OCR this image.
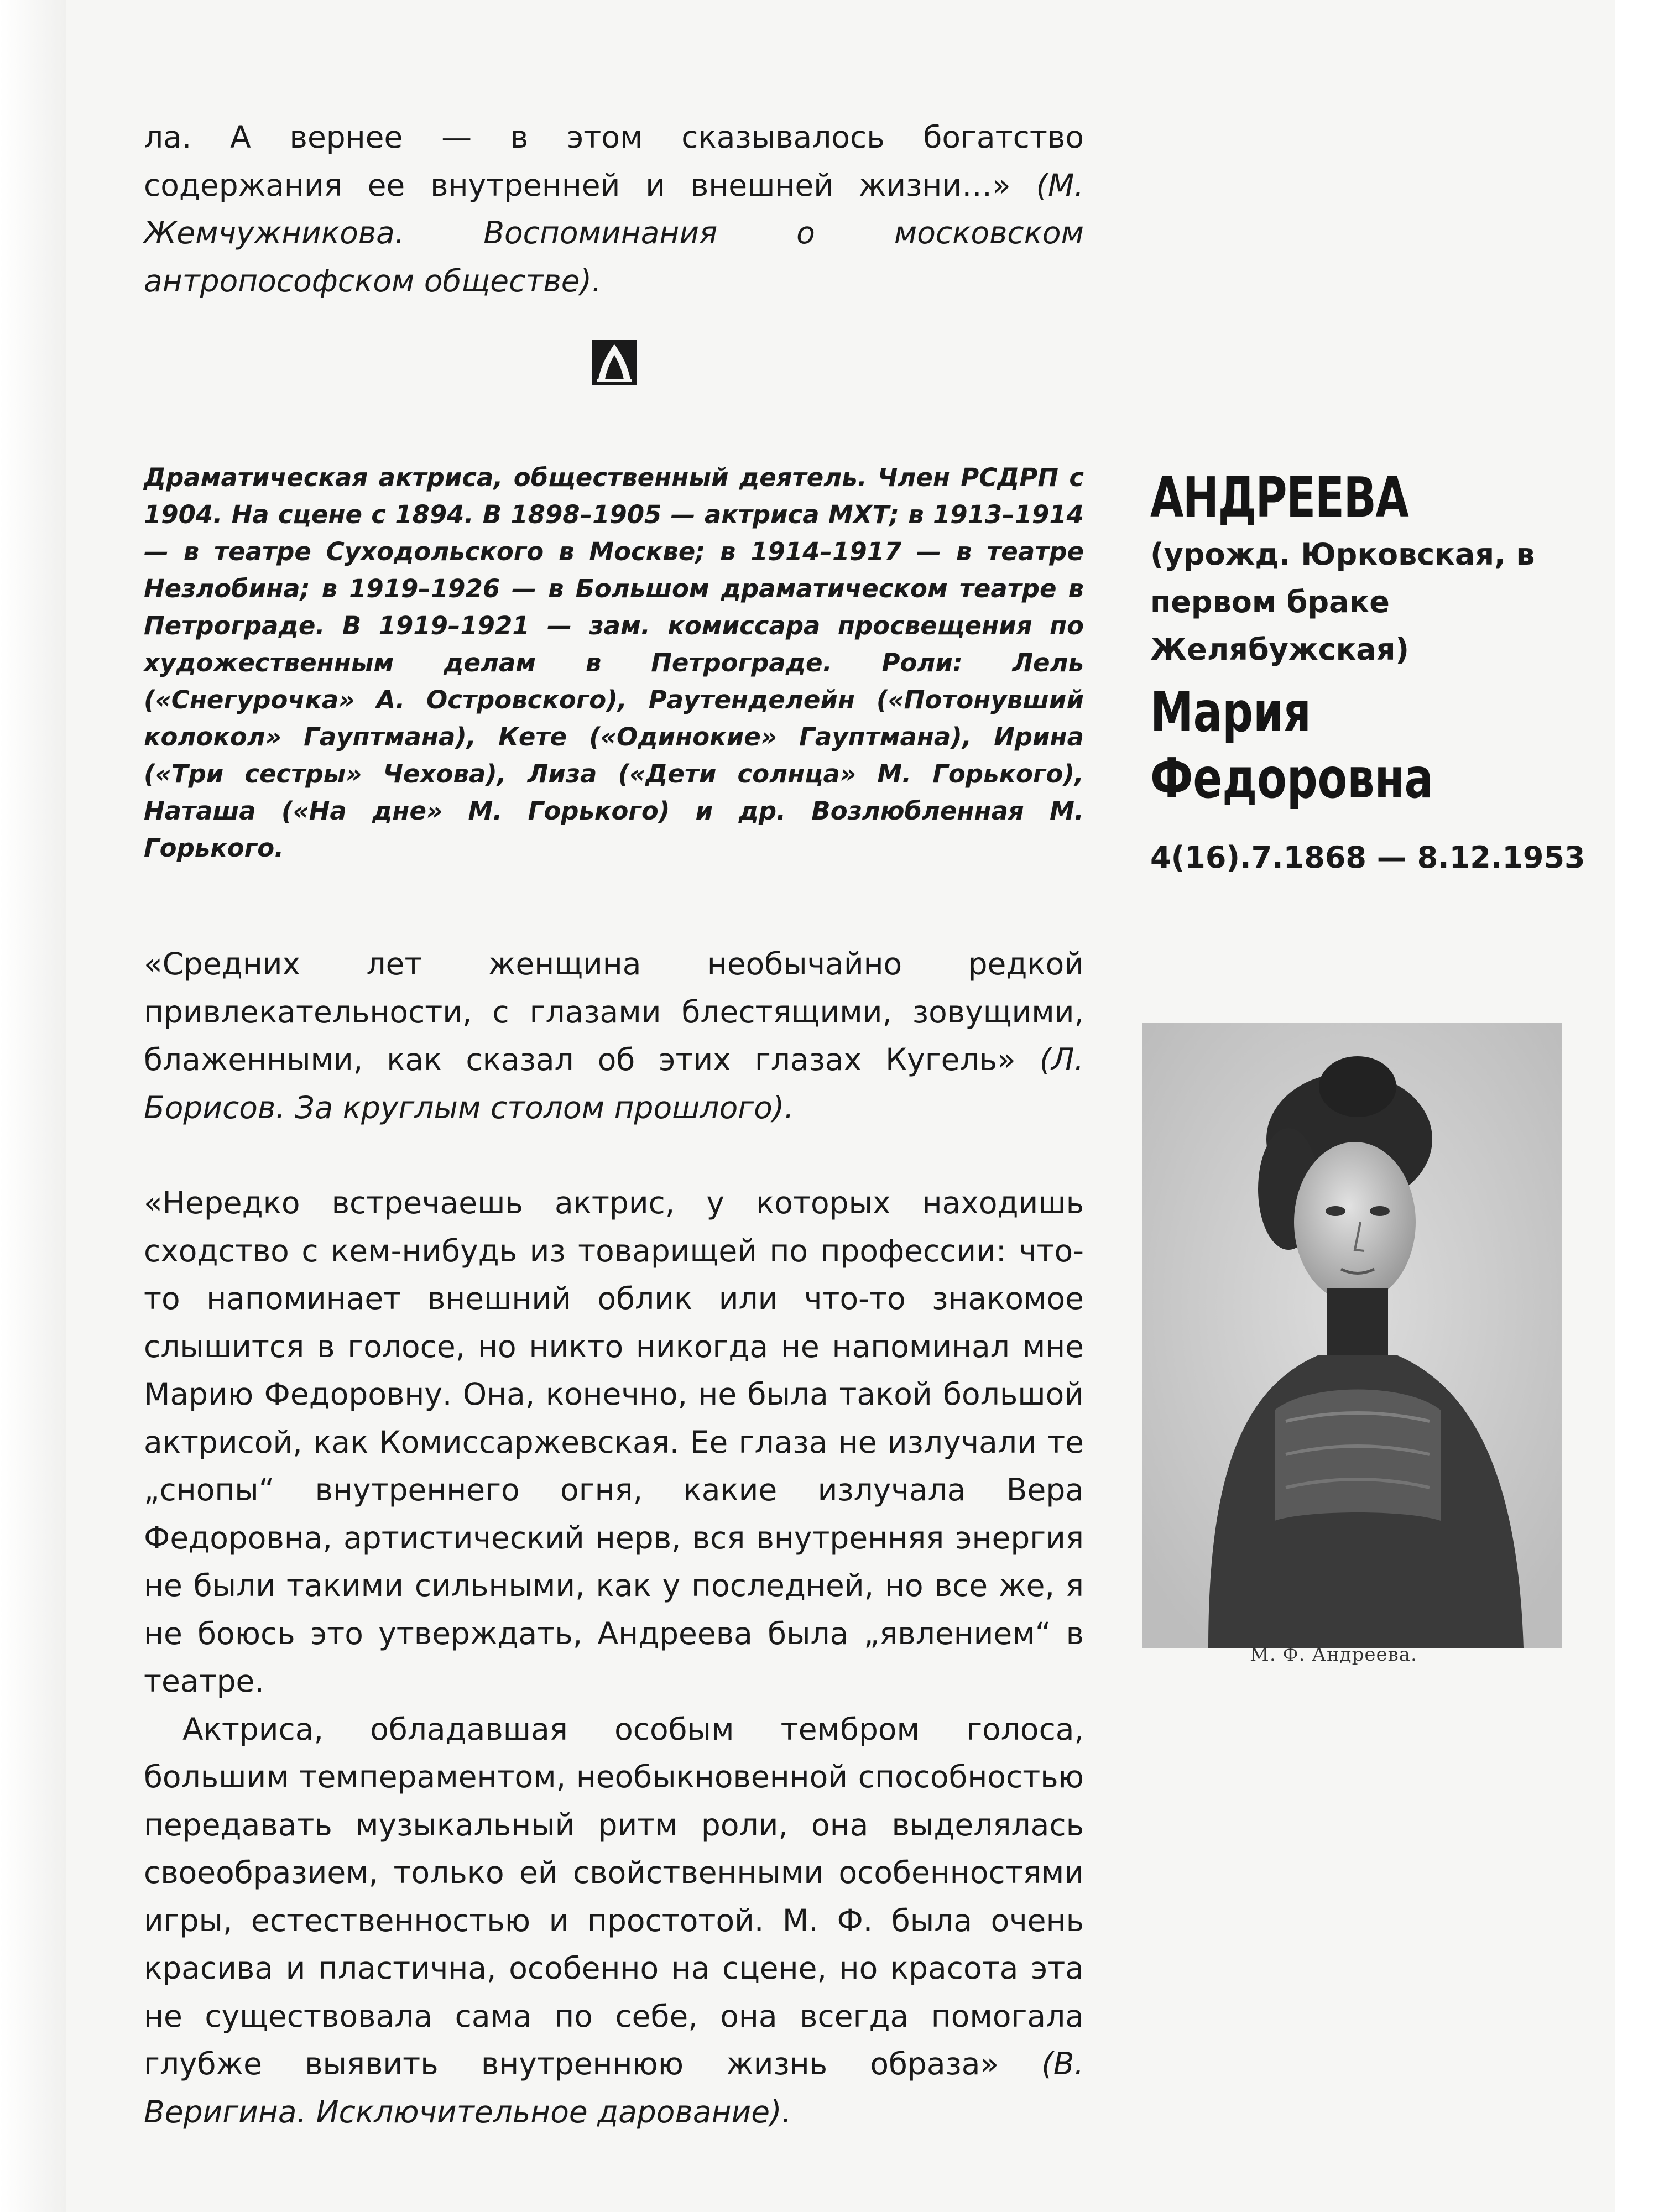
ла. А вернее — в этом сказывалось богатство содержания ее внутренней и внешней жизни…» (М. Жемчужникова. Воспоминания о московском антропософском обществе).

Драматическая актриса, общественный деятель. Член РСДРП с 1904. На сцене с 1894. В 1898–1905 — актриса МХТ; в 1913–1914 — в театре Суходольского в Москве; в 1914–1917 — в театре Незлобина; в 1919–1926 — в Большом драматическом театре в Петрограде. В 1919–1921 — зам. комиссара просвещения по художественным делам в Петрограде. Роли: Лель («Снегурочка» А. Островского), Раутенделейн («Потонувший колокол» Гауптмана), Кете («Одинокие» Гауптмана), Ирина («Три сестры» Чехова), Лиза («Дети солнца» М. Горького), Наташа («На дне» М. Горького) и др. Возлюбленная М. Горького.

«Средних лет женщина необычайно редкой привлекательности, с глазами блестящими, зовущими, блаженными, как сказал об этих глазах Кугель» (Л. Борисов. За круглым столом прошлого).

«Нередко встречаешь актрис, у которых находишь сходство с кем-нибудь из товарищей по профессии: что-то напоминает внешний облик или что-то знакомое слышится в голосе, но никто никогда не напоминал мне Марию Федоровну. Она, конечно, не была такой большой актрисой, как Комиссаржевская. Ее глаза не излучали те „снопы“ внутреннего огня, какие излучала Вера Федоровна, артистический нерв, вся внутренняя энергия не были такими сильными, как у последней, но все же, я не боюсь это утверждать, Андреева была „явлением“ в театре.

Актриса, обладавшая особым тембром голоса, большим темпераментом, необыкновенной способностью передавать музыкальный ритм роли, она выделялась своеобразием, только ей свойственными особенностями игры, естественностью и простотой. М. Ф. была очень красива и пластична, особенно на сцене, но красота эта не существовала сама по себе, она всегда помогала глубже выявить внутреннюю жизнь образа» (В. Веригина. Исключительное дарование).

АНДРЕЕВА

(урожд. Юрковская, в первом браке Желябужская)

Мария

Федоровна

4(16).7.1868 — 8.12.1953

М. Ф. Андреева.
